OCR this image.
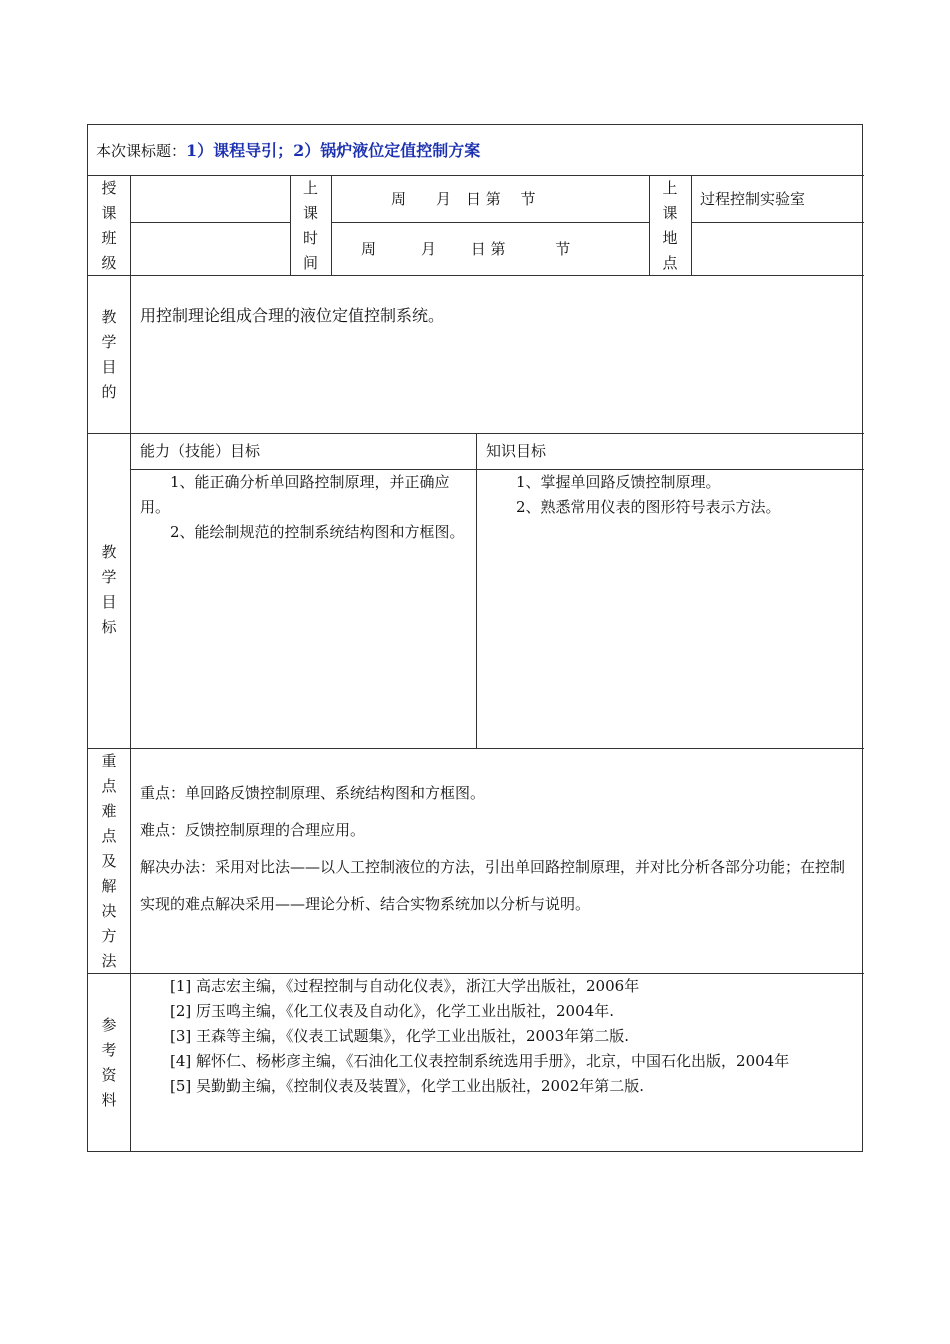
本次课标题：1）课程导引；2）锅炉液位定值控制方案
授
课
班
级
上
课
时
间
上
课
地
点
周　　月　日 第　 节
周　　　月　　 日 第　　　 节
过程控制实验室
教
学
目
的
用控制理论组成合理的液位定值控制系统。
教
学
目
标
能力（技能）目标	知识目标
1、能正确分析单回路控制原理，并正确应用。
2、能绘制规范的控制系统结构图和方框图。
1、掌握单回路反馈控制原理。
2、熟悉常用仪表的图形符号表示方法。
重
点
难
点
及
解
决
方
法
重点：单回路反馈控制原理、系统结构图和方框图。
难点：反馈控制原理的合理应用。
解决办法：采用对比法——以人工控制液位的方法，引出单回路控制原理，并对比分析各部分功能；在控制实现的难点解决采用——理论分析、结合实物系统加以分析与说明。
参
考
资
料
[1] 高志宏主编，《过程控制与自动化仪表》，浙江大学出版社，2006年
[2] 厉玉鸣主编，《化工仪表及自动化》，化学工业出版社，2004年.
[3] 王森等主编，《仪表工试题集》，化学工业出版社，2003年第二版.
[4] 解怀仁、杨彬彦主编，《石油化工仪表控制系统选用手册》，北京，中国石化出版，2004年
[5] 吴勤勤主编，《控制仪表及装置》，化学工业出版社，2002年第二版.
